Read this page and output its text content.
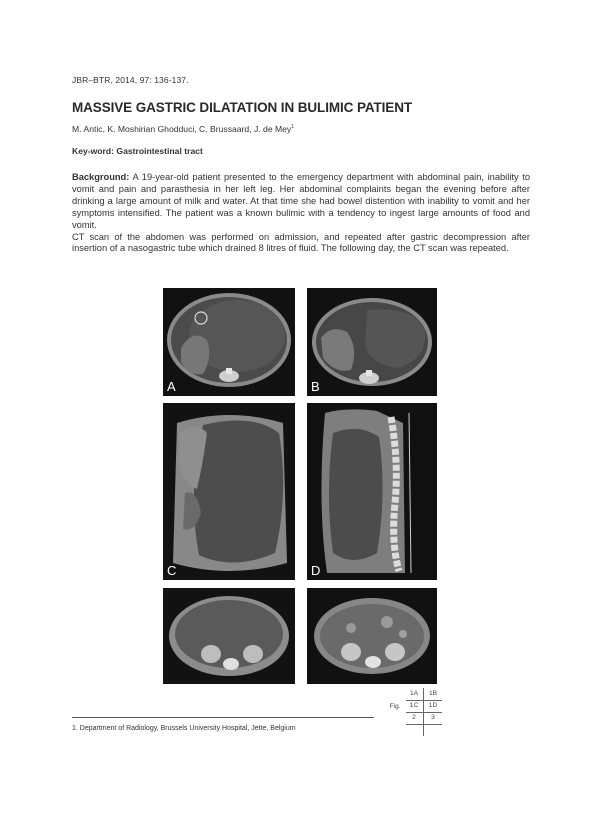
JBR–BTR, 2014, 97: 136-137.
MASSIVE GASTRIC DILATATION IN BULIMIC PATIENT
M. Antic, K. Moshirian Ghodduci, C. Brussaard, J. de Mey$^1$
Key-word: Gastrointestinal tract

Background: A 19-year-old patient presented to the emergency department with abdominal pain, inability to vomit and pain and parasthesia in her left leg. Her abdominal complaints began the evening before after drinking a large amount of milk and water. At that time she had bowel distention with inability to vomit and her symptoms intensified. The patient was a known bulimic with a tendency to ingest large amounts of food and vomit.

CT scan of the abdomen was performed on admission, and repeated after gastric decompression after insertion of a nasogastric tube which drained 8 litres of fluid. The following day, the CT scan was repeated.

A	B
C	D
1A	1B
Fig.	1C	1D
2	3
1. Department of Radiology, Brussels University Hospital, Jette, Belgium
